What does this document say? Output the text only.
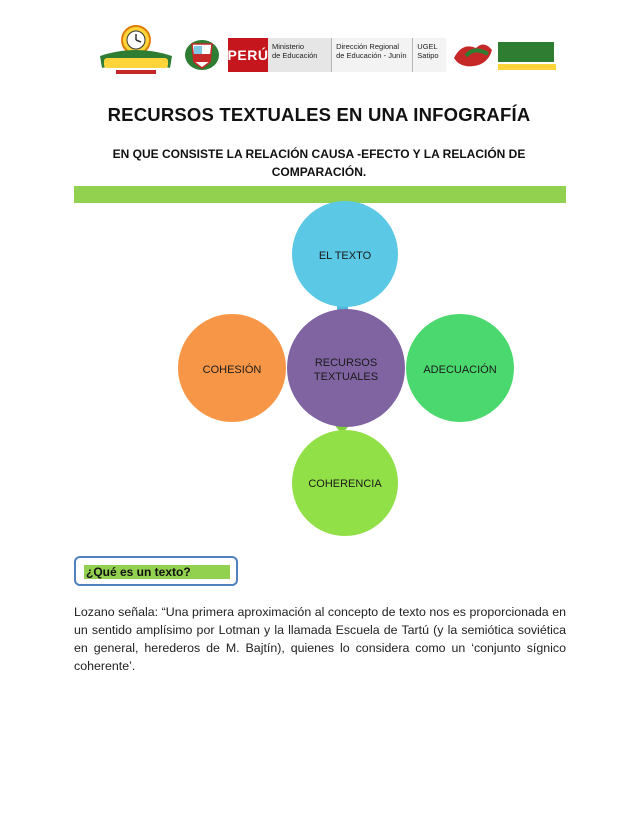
PERÚ
Ministerio
de Educación
Dirección Regional
de Educación - Junín
UGEL
Satipo
RECURSOS TEXTUALES EN UNA INFOGRAFÍA
EN QUE CONSISTE LA RELACIÓN CAUSA -EFECTO Y LA RELACIÓN DE COMPARACIÓN.
EL TEXTO
RECURSOS
TEXTUALES
COHESIÓN	ADECUACIÓN
COHERENCIA
¿Qué es un texto?
Lozano señala: “Una primera aproximación al concepto de texto nos es proporcionada en un sentido amplísimo por Lotman y la llamada Escuela de Tartú (y la semiótica soviética en general, herederos de M. Bajtín), quienes lo considera como un ‘conjunto sígnico coherente’.
